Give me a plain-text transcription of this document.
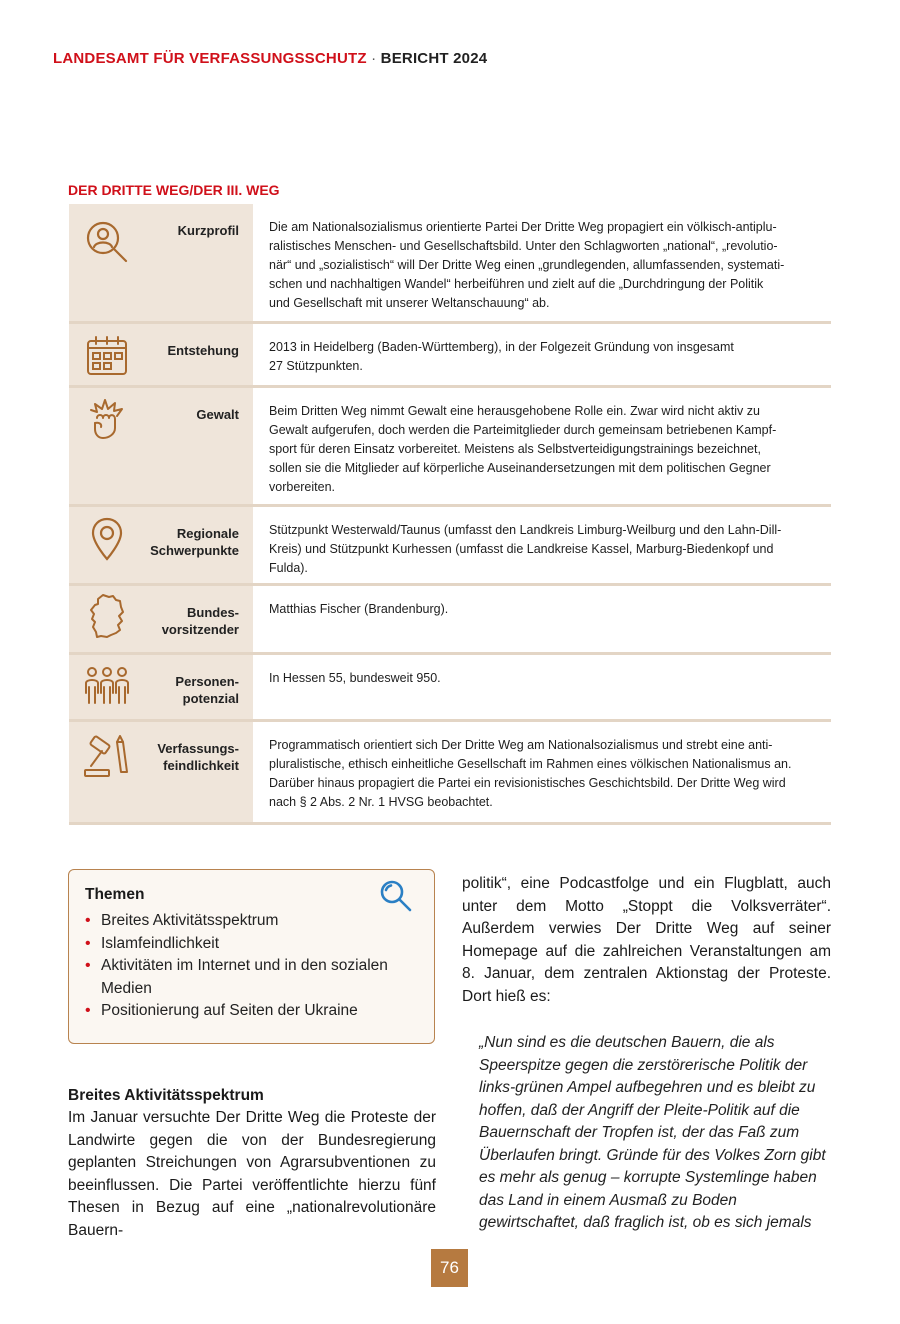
LANDESAMT FÜR VERFASSUNGSSCHUTZ · BERICHT 2024
DER DRITTE WEG/DER III. WEG
Kurzprofil Die am Nationalsozialismus orientierte Partei Der Dritte Weg propagiert ein völkisch-antiplu-
ralistisches Menschen- und Gesellschaftsbild. Unter den Schlagworten „national“, „revolutio-
när“ und „sozialistisch“ will Der Dritte Weg einen „grundlegenden, allumfassenden, systemati-
schen und nachhaltigen Wandel“ herbeiführen und zielt auf die „Durchdringung der Politik
und Gesellschaft mit unserer Weltanschauung“ ab.
Entstehung 2013 in Heidelberg (Baden-Württemberg), in der Folgezeit Gründung von insgesamt
27 Stützpunkten.
Gewalt Beim Dritten Weg nimmt Gewalt eine herausgehobene Rolle ein. Zwar wird nicht aktiv zu
Gewalt aufgerufen, doch werden die Parteimitglieder durch gemeinsam betriebenen Kampf-
sport für deren Einsatz vorbereitet. Meistens als Selbstverteidigungstrainings bezeichnet,
sollen sie die Mitglieder auf körperliche Auseinandersetzungen mit dem politischen Gegner
vorbereiten.
Regionale
Schwerpunkte
Stützpunkt Westerwald/Taunus (umfasst den Landkreis Limburg-Weilburg und den Lahn-Dill-
Kreis) und Stützpunkt Kurhessen (umfasst die Landkreise Kassel, Marburg-Biedenkopf und
Fulda).
Bundes-
vorsitzender
Matthias Fischer (Brandenburg).
Personen-
potenzial
In Hessen 55, bundesweit 950.
Verfassungs-
feindlichkeit
Programmatisch orientiert sich Der Dritte Weg am Nationalsozialismus und strebt eine anti-
pluralistische, ethisch einheitliche Gesellschaft im Rahmen eines völkischen Nationalismus an.
Darüber hinaus propagiert die Partei ein revisionistisches Geschichtsbild. Der Dritte Weg wird
nach § 2 Abs. 2 Nr. 1 HVSG beobachtet.
Themen
• Breites Aktivitätsspektrum
• Islamfeindlichkeit
• Aktivitäten im Internet und in den sozialen Medien
• Positionierung auf Seiten der Ukraine
Breites Aktivitätsspektrum

Im Januar versuchte Der Dritte Weg die Proteste der Landwirte gegen die von der Bundesregierung geplanten Streichungen von Agrarsubventionen zu beeinflussen. Die Partei veröffentlichte hierzu fünf Thesen in Bezug auf eine „nationalrevolutionäre Bauern-

politik“, eine Podcastfolge und ein Flugblatt, auch unter dem Motto „Stoppt die Volksverräter“. Außerdem verwies Der Dritte Weg auf seiner Homepage auf die zahlreichen Veranstaltungen am 8. Januar, dem zentralen Aktionstag der Proteste. Dort hieß es:

„Nun sind es die deutschen Bauern, die als Speerspitze gegen die zerstörerische Politik der links-grünen Ampel aufbegehren und es bleibt zu hoffen, daß der Angriff der Pleite-Politik auf die Bauernschaft der Tropfen ist, der das Faß zum Überlaufen bringt. Gründe für des Volkes Zorn gibt es mehr als genug – korrupte Systemlinge haben das Land in einem Ausmaß zu Boden gewirtschaftet, daß fraglich ist, ob es sich jemals
76
